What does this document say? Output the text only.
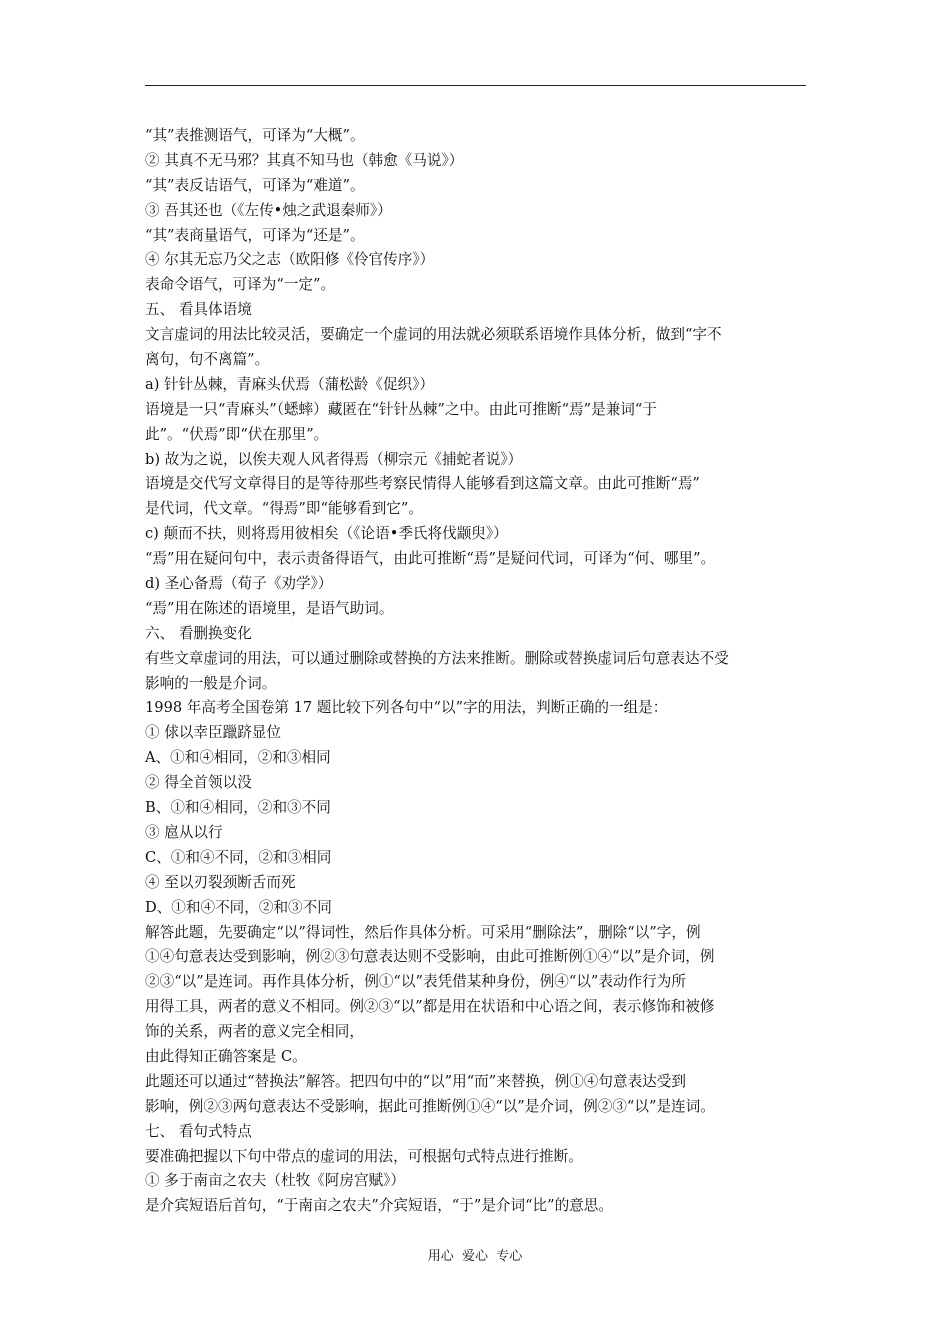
“其”表推测语气，可译为“大概”。
② 其真不无马邪？其真不知马也（韩愈《马说》）
“其”表反诘语气，可译为“难道”。
③ 吾其还也（《左传•烛之武退秦师》）
“其”表商量语气，可译为“还是”。
④ 尔其无忘乃父之志（欧阳修《伶官传序》）
表命令语气，可译为“一定”。
五、 看具体语境
文言虚词的用法比较灵活，要确定一个虚词的用法就必须联系语境作具体分析，做到“字不
离句，句不离篇”。
a) 针针丛棘，青麻头伏焉（蒲松龄《促织》）
语境是一只“青麻头”（蟋蟀）藏匿在“针针丛棘”之中。由此可推断“焉”是兼词“于
此”。“伏焉”即“伏在那里”。
b) 故为之说，以俟夫观人风者得焉（柳宗元《捕蛇者说》）
语境是交代写文章得目的是等待那些考察民情得人能够看到这篇文章。由此可推断“焉”
是代词，代文章。“得焉”即“能够看到它”。
c) 颠而不扶，则将焉用彼相矣（《论语•季氏将伐颛臾》）
“焉”用在疑问句中，表示责备得语气，由此可推断“焉”是疑问代词，可译为“何、哪里”。
d) 圣心备焉（荀子《劝学》）
“焉”用在陈述的语境里，是语气助词。
六、 看删换变化
有些文章虚词的用法，可以通过删除或替换的方法来推断。删除或替换虚词后句意表达不受
影响的一般是介词。
1998 年高考全国卷第 17 题比较下列各句中“以”字的用法，判断正确的一组是：
① 俅以幸臣躐跻显位
A、①和④相同，②和③相同
② 得全首领以没
B、①和④相同，②和③不同
③ 扈从以行
C、①和④不同，②和③相同
④ 至以刃裂颈断舌而死
D、①和④不同，②和③不同
解答此题，先要确定“以”得词性，然后作具体分析。可采用“删除法”，删除“以”字，例
①④句意表达受到影响，例②③句意表达则不受影响，由此可推断例①④“以”是介词，例
②③“以”是连词。再作具体分析，例①“以”表凭借某种身份，例④“以”表动作行为所
用得工具，两者的意义不相同。例②③“以”都是用在状语和中心语之间，表示修饰和被修
饰的关系，两者的意义完全相同，
由此得知正确答案是 C。
此题还可以通过“替换法”解答。把四句中的“以”用“而”来替换，例①④句意表达受到
影响，例②③两句意表达不受影响，据此可推断例①④“以”是介词，例②③“以”是连词。
七、 看句式特点
要准确把握以下句中带点的虚词的用法，可根据句式特点进行推断。
① 多于南亩之农夫（杜牧《阿房宫赋》）
是介宾短语后首句，“于南亩之农夫”介宾短语，“于”是介词“比”的意思。
用心  爱心  专心
